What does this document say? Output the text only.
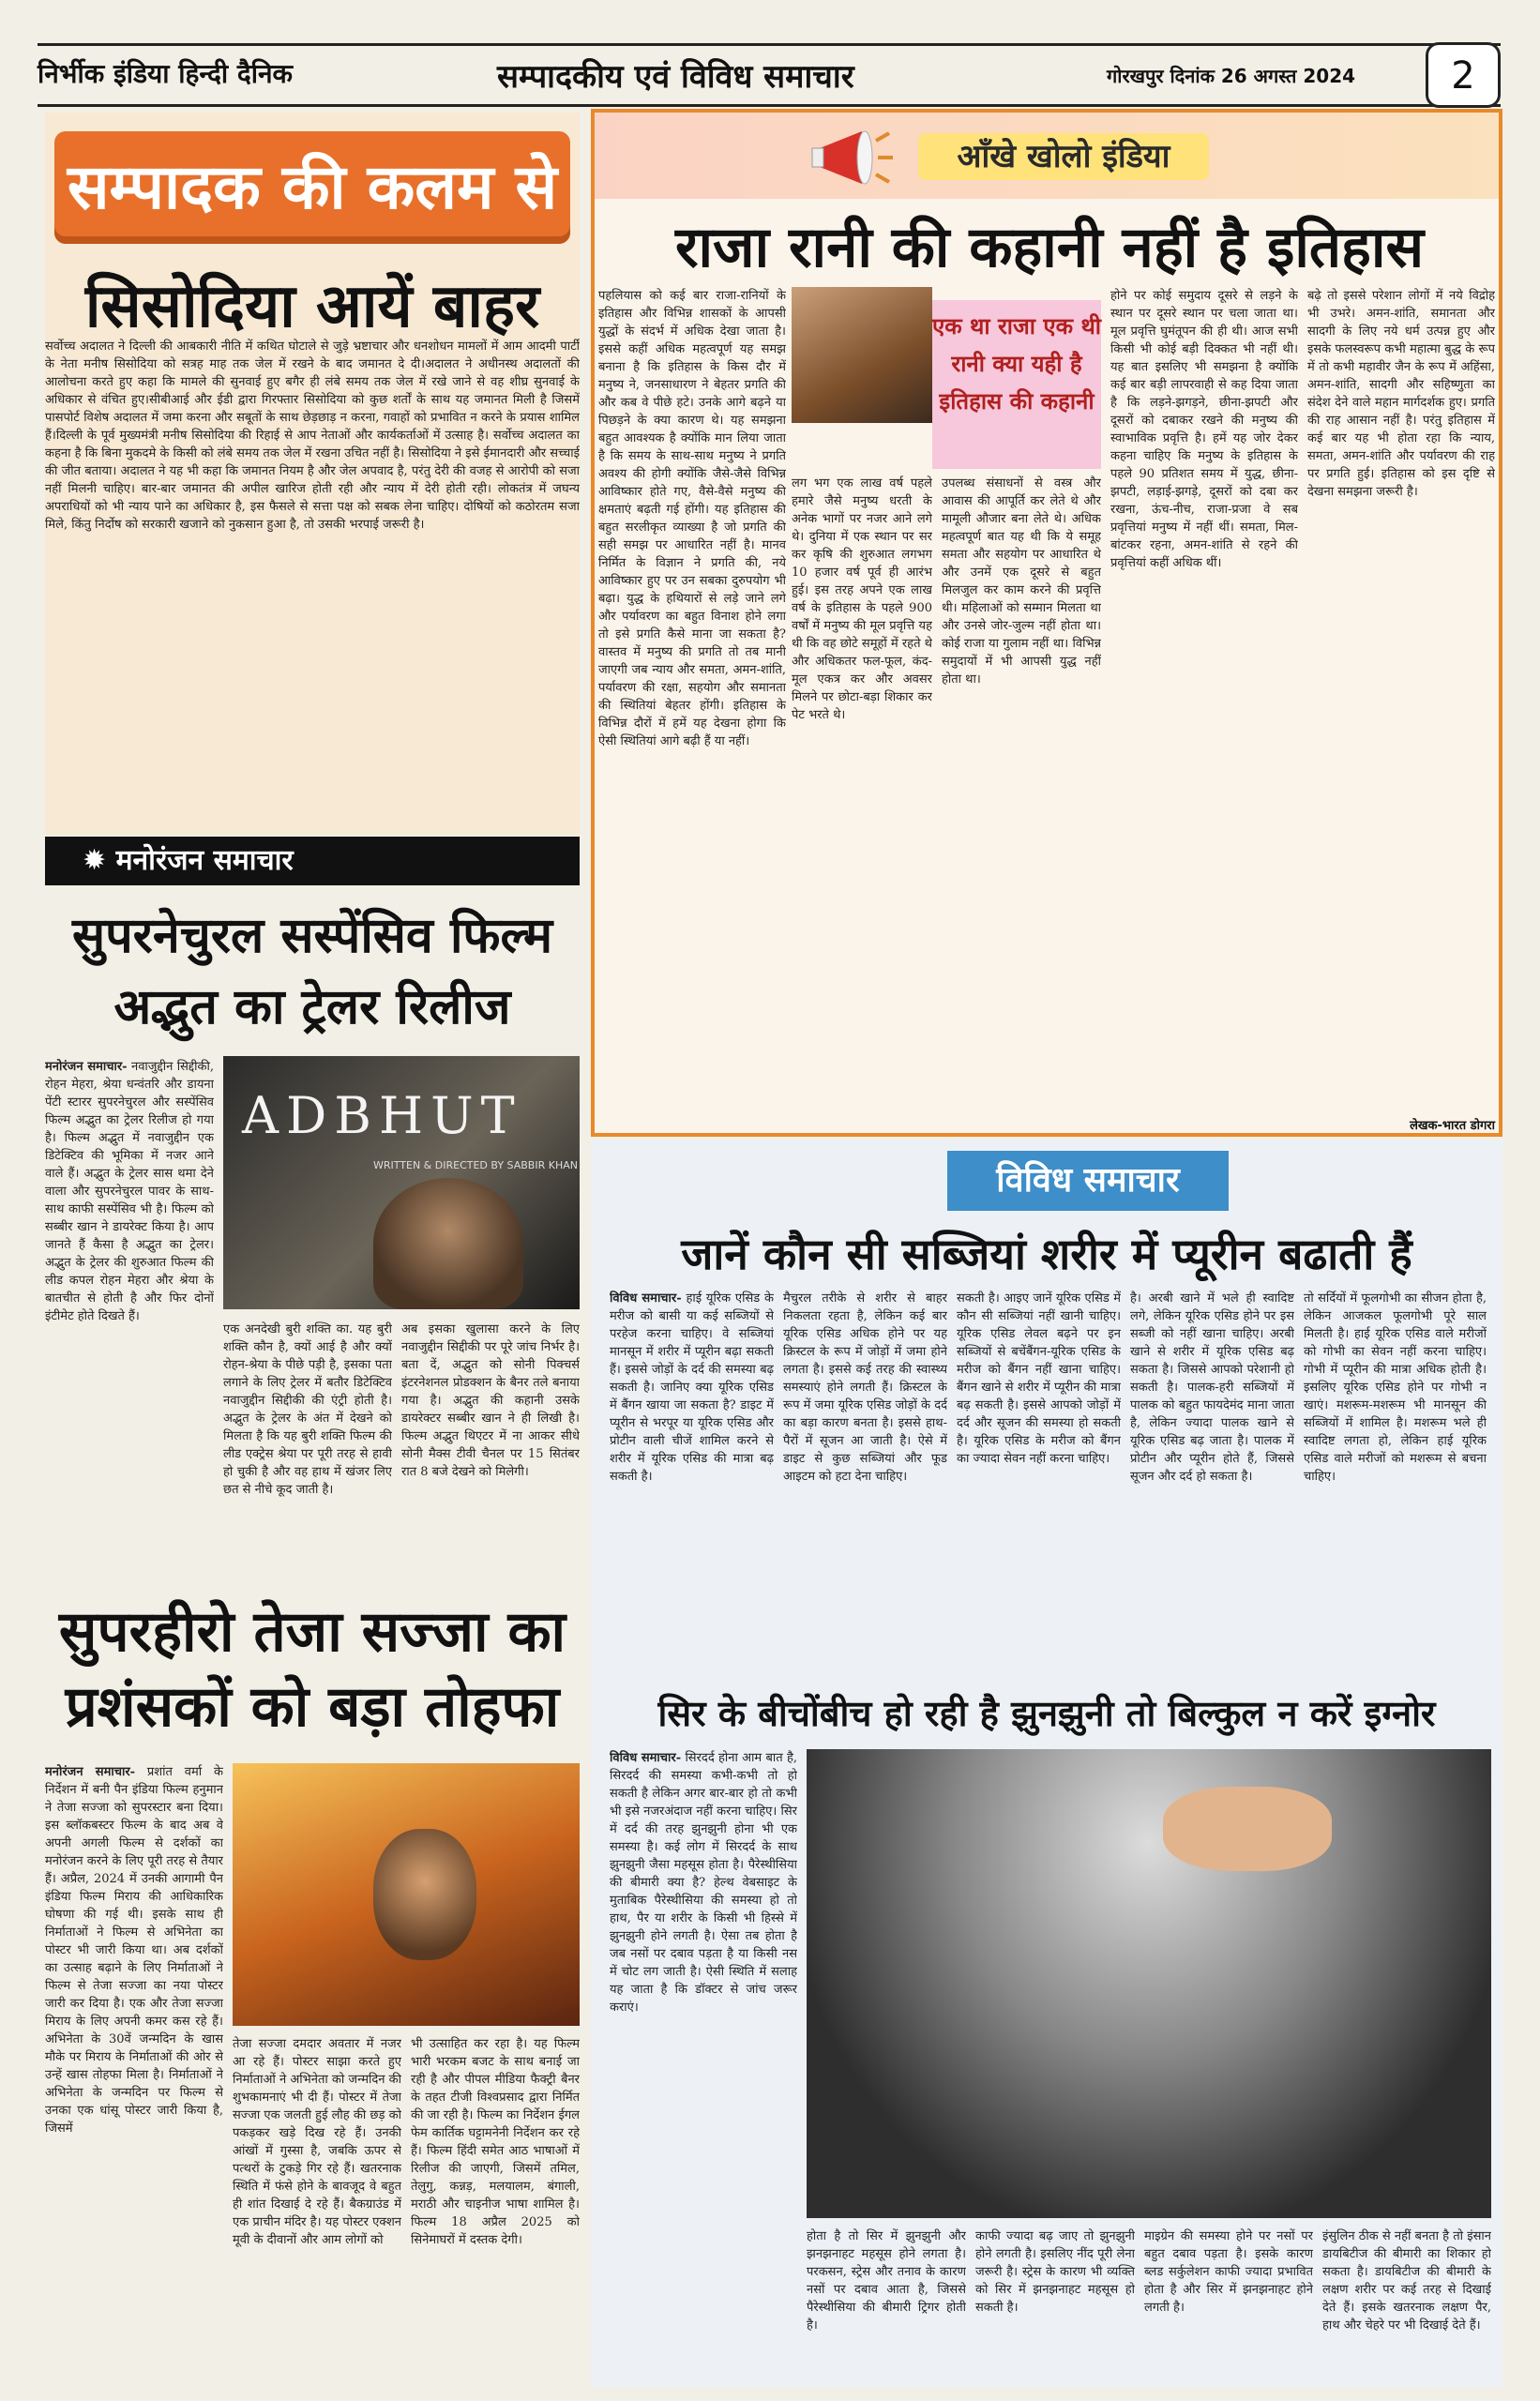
निर्भीक इंडिया हिन्दी दैनिक	सम्पादकीय एवं विविध समाचार	गोरखपुर दिनांक 26 अगस्त 2024	2
सम्पादक की कलम से
सिसोदिया आयें बाहर
सर्वोच्च अदालत ने दिल्ली की आबकारी नीति में कथित घोटाले से जुड़े भ्रष्टाचार और धनशोधन मामलों में आम आदमी पार्टी के नेता मनीष सिसोदिया को सत्रह माह तक जेल में रखने के बाद जमानत दे दी।अदालत ने अधीनस्थ अदालतों की आलोचना करते हुए कहा कि मामले की सुनवाई हुए बगैर ही लंबे समय तक जेल में रखे जाने से वह शीघ्र सुनवाई के अधिकार से वंचित हुए।सीबीआई और ईडी द्वारा गिरफ्तार सिसोदिया को कुछ शर्तों के साथ यह जमानत मिली है जिसमें पासपोर्ट विशेष अदालत में जमा करना और सबूतों के साथ छेड़छाड़ न करना, गवाहों को प्रभावित न करने के प्रयास शामिल हैं।दिल्ली के पूर्व मुख्यमंत्री मनीष सिसोदिया की रिहाई से आप नेताओं और कार्यकर्ताओं में उत्साह है। सर्वोच्च अदालत का कहना है कि बिना मुकदमे के किसी को लंबे समय तक जेल में रखना उचित नहीं है। सिसोदिया ने इसे ईमानदारी और सच्चाई की जीत बताया। अदालत ने यह भी कहा कि जमानत नियम है और जेल अपवाद है, परंतु देरी की वजह से आरोपी को सजा नहीं मिलनी चाहिए। बार-बार जमानत की अपील खारिज होती रही और न्याय में देरी होती रही। लोकतंत्र में जघन्य अपराधियों को भी न्याय पाने का अधिकार है, इस फैसले से सत्ता पक्ष को सबक लेना चाहिए। दोषियों को कठोरतम सजा मिले, किंतु निर्दोष को सरकारी खजाने को नुकसान हुआ है, तो उसकी भरपाई जरूरी है।
✹ मनोरंजन समाचार
सुपरनेचुरल सस्पेंसिव फिल्म अद्भुत का ट्रेलर रिलीज
मनोरंजन समाचार- नवाजुद्दीन सिद्दीकी, रोहन मेहरा, श्रेया धन्वंतरि और डायना पेंटी स्टारर सुपरनेचुरल और सस्पेंसिव फिल्म अद्भुत का ट्रेलर रिलीज हो गया है। फिल्म अद्भुत में नवाजुद्दीन एक डिटेक्टिव की भूमिका में नजर आने वाले हैं। अद्भुत के ट्रेलर सास थमा देने वाला और सुपरनेचुरल पावर के साथ-साथ काफी सस्पेंसिव भी है। फिल्म को सब्बीर खान ने डायरेक्ट किया है। आप जानते हैं कैसा है अद्भुत का ट्रेलर। अद्भुत के ट्रेलर की शुरुआत फिल्म की लीड कपल रोहन मेहरा और श्रेया के बातचीत से होती है और फिर दोनों इंटीमेट होते दिखते हैं।
ADBHUT
WRITTEN & DIRECTED BY SABBIR KHAN
एक अनदेखी बुरी शक्ति का. यह बुरी शक्ति कौन है, क्यों आई है और क्यों रोहन-श्रेया के पीछे पड़ी है, इसका पता लगाने के लिए ट्रेलर में बतौर डिटेक्टिव नवाजुद्दीन सिद्दीकी की एंट्री होती है। अद्भुत के ट्रेलर के अंत में देखने को मिलता है कि यह बुरी शक्ति फिल्म की लीड एक्ट्रेस श्रेया पर पूरी तरह से हावी हो चुकी है और वह हाथ में खंजर लिए छत से नीचे कूद जाती है।
अब इसका खुलासा करने के लिए नवाजुद्दीन सिद्दीकी पर पूरे जांच निर्भर है। बता दें, अद्भुत को सोनी पिक्चर्स इंटरनेशनल प्रोडक्शन के बैनर तले बनाया गया है। अद्भुत की कहानी उसके डायरेक्टर सब्बीर खान ने ही लिखी है। फिल्म अद्भुत थिएटर में ना आकर सीधे सोनी मैक्स टीवी चैनल पर 15 सितंबर रात 8 बजे देखने को मिलेगी।
सुपरहीरो तेजा सज्जा का प्रशंसकों को बड़ा तोहफा
मनोरंजन समाचार- प्रशांत वर्मा के निर्देशन में बनी पैन इंडिया फिल्म हनुमान ने तेजा सज्जा को सुपरस्टार बना दिया। इस ब्लॉकबस्टर फिल्म के बाद अब वे अपनी अगली फिल्म से दर्शकों का मनोरंजन करने के लिए पूरी तरह से तैयार हैं। अप्रैल, 2024 में उनकी आगामी पैन इंडिया फिल्म मिराय की आधिकारिक घोषणा की गई थी। इसके साथ ही निर्माताओं ने फिल्म से अभिनेता का पोस्टर भी जारी किया था। अब दर्शकों का उत्साह बढ़ाने के लिए निर्माताओं ने फिल्म से तेजा सज्जा का नया पोस्टर जारी कर दिया है। एक और तेजा सज्जा मिराय के लिए अपनी कमर कस रहे हैं। अभिनेता के 30वें जन्मदिन के खास मौके पर मिराय के निर्माताओं की ओर से उन्हें खास तोहफा मिला है। निर्माताओं ने अभिनेता के जन्मदिन पर फिल्म से उनका एक धांसू पोस्टर जारी किया है, जिसमें
तेजा सज्जा दमदार अवतार में नजर आ रहे हैं। पोस्टर साझा करते हुए निर्माताओं ने अभिनेता को जन्मदिन की शुभकामनाएं भी दी हैं। पोस्टर में तेजा सज्जा एक जलती हुई लौह की छड़ को पकड़कर खड़े दिख रहे हैं। उनकी आंखों में गुस्सा है, जबकि ऊपर से पत्थरों के टुकड़े गिर रहे हैं। खतरनाक स्थिति में फंसे होने के बावजूद वे बहुत ही शांत दिखाई दे रहे हैं। बैकग्राउंड में एक प्राचीन मंदिर है। यह पोस्टर एक्शन मूवी के दीवानों और आम लोगों को
भी उत्साहित कर रहा है। यह फिल्म भारी भरकम बजट के साथ बनाई जा रही है और पीपल मीडिया फैक्ट्री बैनर के तहत टीजी विश्वप्रसाद द्वारा निर्मित की जा रही है। फिल्म का निर्देशन ईगल फेम कार्तिक घट्टामनेनी निर्देशन कर रहे हैं। फिल्म हिंदी समेत आठ भाषाओं में रिलीज की जाएगी, जिसमें तमिल, तेलुगु, कन्नड़, मलयालम, बंगाली, मराठी और चाइनीज भाषा शामिल है। फिल्म 18 अप्रैल 2025 को सिनेमाघरों में दस्तक देगी।
आँखे खोलो इंडिया
राजा रानी की कहानी नहीं है इतिहास
पहलियास को कई बार राजा-रानियों के इतिहास और विभिन्न शासकों के आपसी युद्धों के संदर्भ में अधिक देखा जाता है। इससे कहीं अधिक महत्वपूर्ण यह समझ बनाना है कि इतिहास के किस दौर में मनुष्य ने, जनसाधारण ने बेहतर प्रगति की और कब वे पीछे हटे। उनके आगे बढ़ने या पिछड़ने के क्या कारण थे। यह समझना बहुत आवश्यक है क्योंकि मान लिया जाता है कि समय के साथ-साथ मनुष्य ने प्रगति अवश्य की होगी क्योंकि जैसे-जैसे विभिन्न आविष्कार होते गए, वैसे-वैसे मनुष्य की क्षमताएं बढ़ती गई होंगी। यह इतिहास की बहुत सरलीकृत व्याख्या है जो प्रगति की सही समझ पर आधारित नहीं है। मानव निर्मित के विज्ञान ने प्रगति की, नये आविष्कार हुए पर उन सबका दुरुपयोग भी बढ़ा। युद्ध के हथियारों से लड़े जाने लगे और पर्यावरण का बहुत विनाश होने लगा तो इसे प्रगति कैसे माना जा सकता है? वास्तव में मनुष्य की प्रगति तो तब मानी जाएगी जब न्याय और समता, अमन-शांति, पर्यावरण की रक्षा, सहयोग और समानता की स्थितियां बेहतर होंगी। इतिहास के विभिन्न दौरों में हमें यह देखना होगा कि ऐसी स्थितियां आगे बढ़ी हैं या नहीं।
एक था राजा एक थी रानी क्या यही है इतिहास की कहानी
लग भग एक लाख वर्ष पहले हमारे जैसे मनुष्य धरती के अनेक भागों पर नजर आने लगे थे। दुनिया में एक स्थान पर सर कर कृषि की शुरुआत लगभग 10 हजार वर्ष पूर्व ही आरंभ हुई। इस तरह अपने एक लाख वर्ष के इतिहास के पहले 900 वर्षों में मनुष्य की मूल प्रवृत्ति यह थी कि वह छोटे समूहों में रहते थे और अधिकतर फल-फूल, कंद-मूल एकत्र कर और अवसर मिलने पर छोटा-बड़ा शिकार कर पेट भरते थे।
उपलब्ध संसाधनों से वस्त्र और आवास की आपूर्ति कर लेते थे और मामूली औजार बना लेते थे। अधिक महत्वपूर्ण बात यह थी कि ये समूह समता और सहयोग पर आधारित थे और उनमें एक दूसरे से बहुत मिलजुल कर काम करने की प्रवृत्ति थी। महिलाओं को सम्मान मिलता था और उनसे जोर-जुल्म नहीं होता था। कोई राजा या गुलाम नहीं था। विभिन्न समुदायों में भी आपसी युद्ध नहीं होता था।
होने पर कोई समुदाय दूसरे से लड़ने के स्थान पर दूसरे स्थान पर चला जाता था। मूल प्रवृत्ति घुमंतूपन की ही थी। आज सभी किसी भी कोई बड़ी दिक्कत भी नहीं थी। यह बात इसलिए भी समझना है क्योंकि कई बार बड़ी लापरवाही से कह दिया जाता है कि लड़ने-झगड़ने, छीना-झपटी और दूसरों को दबाकर रखने की मनुष्य की स्वाभाविक प्रवृत्ति है। हमें यह जोर देकर कहना चाहिए कि मनुष्य के इतिहास के पहले 90 प्रतिशत समय में युद्ध, छीना-झपटी, लड़ाई-झगड़े, दूसरों को दबा कर रखना, ऊंच-नीच, राजा-प्रजा वे सब प्रवृत्तियां मनुष्य में नहीं थीं। समता, मिल-बांटकर रहना, अमन-शांति से रहने की प्रवृत्तियां कहीं अधिक थीं।
बढ़े तो इससे परेशान लोगों में नये विद्रोह भी उभरे। अमन-शांति, समानता और सादगी के लिए नये धर्म उत्पन्न हुए और इसके फलस्वरूप कभी महात्मा बुद्ध के रूप में तो कभी महावीर जैन के रूप में अहिंसा, अमन-शांति, सादगी और सहिष्णुता का संदेश देने वाले महान मार्गदर्शक हुए। प्रगति की राह आसान नहीं है। परंतु इतिहास में कई बार यह भी होता रहा कि न्याय, समता, अमन-शांति और पर्यावरण की राह पर प्रगति हुई। इतिहास को इस दृष्टि से देखना समझना जरूरी है।
लेखक-भारत डोगरा
विविध समाचार
जानें कौन सी सब्जियां शरीर में प्यूरीन बढाती हैं
विविध समाचार- हाई यूरिक एसिड के मरीज को बासी या कई सब्जियों से परहेज करना चाहिए। वे सब्जियां मानसून में शरीर में प्यूरीन बढ़ा सकती हैं। इससे जोड़ों के दर्द की समस्या बढ़ सकती है। जानिए क्या यूरिक एसिड में बैंगन खाया जा सकता है? डाइट में प्यूरीन से भरपूर या यूरिक एसिड और प्रोटीन वाली चीजें शामिल करने से शरीर में यूरिक एसिड की मात्रा बढ़ सकती है।
मैचुरल तरीके से शरीर से बाहर निकलता रहता है, लेकिन कई बार यूरिक एसिड अधिक होने पर यह क्रिस्टल के रूप में जोड़ों में जमा होने लगता है। इससे कई तरह की स्वास्थ्य समस्याएं होने लगती हैं। क्रिस्टल के रूप में जमा यूरिक एसिड जोड़ों के दर्द का बड़ा कारण बनता है। इससे हाथ-पैरों में सूजन आ जाती है। ऐसे में डाइट से कुछ सब्जियां और फूड आइटम को हटा देना चाहिए।
सकती है। आइए जानें यूरिक एसिड में कौन सी सब्जियां नहीं खानी चाहिए। यूरिक एसिड लेवल बढ़ने पर इन सब्जियों से बचेंबैंगन-यूरिक एसिड के मरीज को बैंगन नहीं खाना चाहिए। बैंगन खाने से शरीर में प्यूरीन की मात्रा बढ़ सकती है। इससे आपको जोड़ों में दर्द और सूजन की समस्या हो सकती है। यूरिक एसिड के मरीज को बैंगन का ज्यादा सेवन नहीं करना चाहिए।
है। अरबी खाने में भले ही स्वादिष्ट लगे, लेकिन यूरिक एसिड होने पर इस सब्जी को नहीं खाना चाहिए। अरबी खाने से शरीर में यूरिक एसिड बढ़ सकता है। जिससे आपको परेशानी हो सकती है। पालक-हरी सब्जियों में पालक को बहुत फायदेमंद माना जाता है, लेकिन ज्यादा पालक खाने से यूरिक एसिड बढ़ जाता है। पालक में प्रोटीन और प्यूरीन होते हैं, जिससे सूजन और दर्द हो सकता है।
तो सर्दियों में फूलगोभी का सीजन होता है, लेकिन आजकल फूलगोभी पूरे साल मिलती है। हाई यूरिक एसिड वाले मरीजों को गोभी का सेवन नहीं करना चाहिए। गोभी में प्यूरीन की मात्रा अधिक होती है। इसलिए यूरिक एसिड होने पर गोभी न खाएं। मशरूम-मशरूम भी मानसून की सब्जियों में शामिल है। मशरूम भले ही स्वादिष्ट लगता हो, लेकिन हाई यूरिक एसिड वाले मरीजों को मशरूम से बचना चाहिए।
सिर के बीचोंबीच हो रही है झुनझुनी तो बिल्कुल न करें इग्नोर
विविध समाचार- सिरदर्द होना आम बात है, सिरदर्द की समस्या कभी-कभी तो हो सकती है लेकिन अगर बार-बार हो तो कभी भी इसे नजरअंदाज नहीं करना चाहिए। सिर में दर्द की तरह झुनझुनी होना भी एक समस्या है। कई लोग में सिरदर्द के साथ झुनझुनी जैसा महसूस होता है। पैरेस्थीसिया की बीमारी क्या है? हेल्थ वेबसाइट के मुताबिक पैरेस्थीसिया की समस्या हो तो हाथ, पैर या शरीर के किसी भी हिस्से में झुनझुनी होने लगती है। ऐसा तब होता है जब नसों पर दबाव पड़ता है या किसी नस में चोट लग जाती है। ऐसी स्थिति में सलाह यह जाता है कि डॉक्टर से जांच जरूर कराएं।
होता है तो सिर में झुनझुनी और झनझनाहट महसूस होने लगता है। परकसन, स्ट्रेस और तनाव के कारण नसों पर दबाव आता है, जिससे पैरेस्थीसिया की बीमारी ट्रिगर होती है।
काफी ज्यादा बढ़ जाए तो झुनझुनी होने लगती है। इसलिए नींद पूरी लेना जरूरी है। स्ट्रेस के कारण भी व्यक्ति को सिर में झनझनाहट महसूस हो सकती है।
माइग्रेन की समस्या होने पर नसों पर बहुत दबाव पड़ता है। इसके कारण ब्लड सर्कुलेशन काफी ज्यादा प्रभावित होता है और सिर में झनझनाहट होने लगती है।
इंसुलिन ठीक से नहीं बनता है तो इंसान डायबिटीज की बीमारी का शिकार हो सकता है। डायबिटीज की बीमारी के लक्षण शरीर पर कई तरह से दिखाई देते हैं। इसके खतरनाक लक्षण पैर, हाथ और चेहरे पर भी दिखाई देते हैं।
